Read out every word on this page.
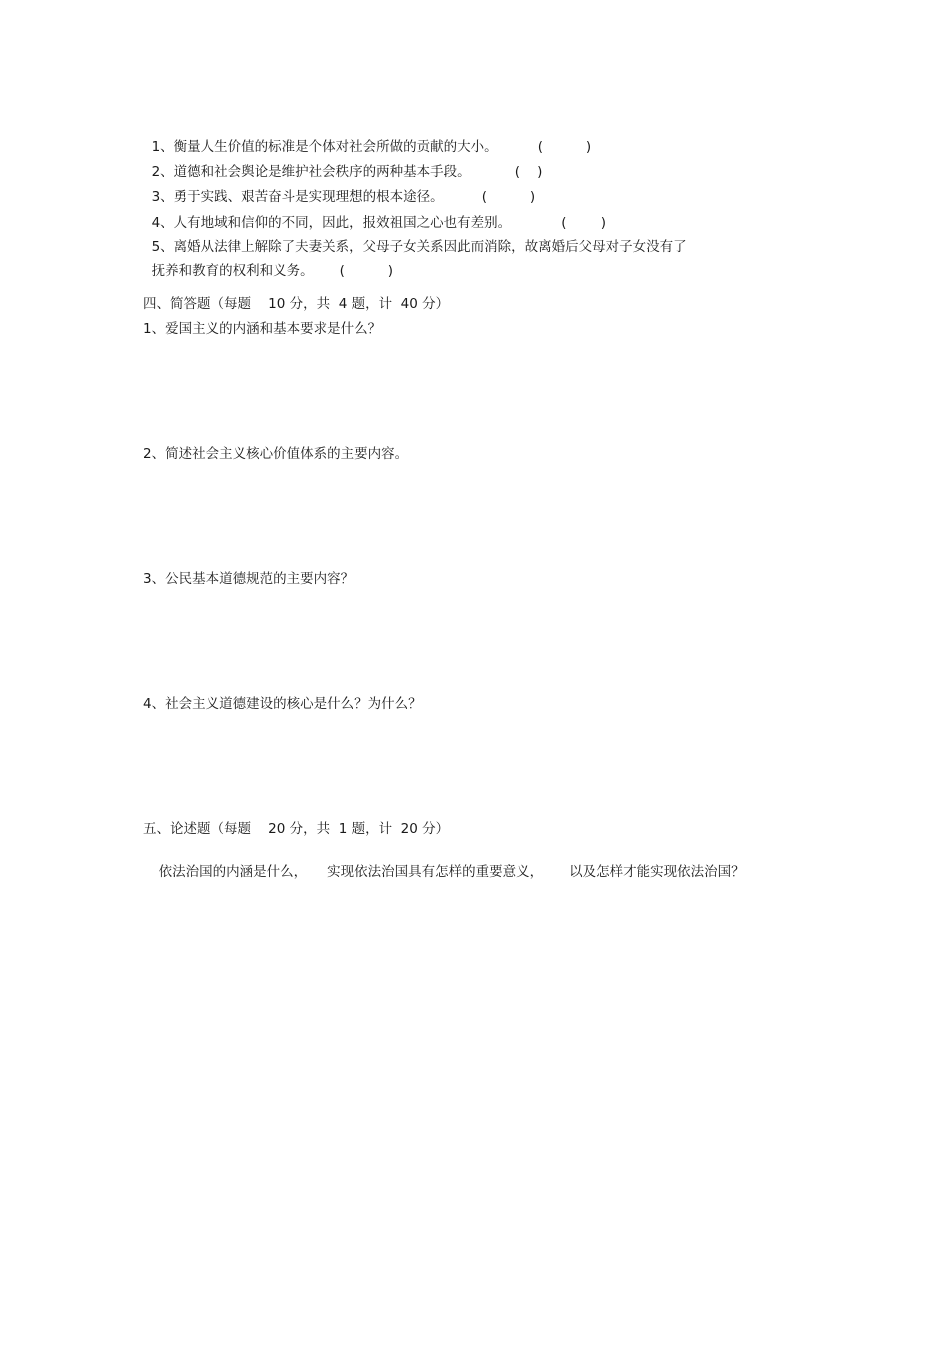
1、衡量人生价值的标准是个体对社会所做的贡献的大小。	(          )

2、道德和社会舆论是维护社会秩序的两种基本手段。	(    )

3、勇于实践、艰苦奋斗是实现理想的根本途径。	(          )

4、人有地域和信仰的不同，因此，报效祖国之心也有差别。	(        )

5、离婚从法律上解除了夫妻关系，父母子女关系因此而消除，故离婚后父母对子女没有了

抚养和教育的权利和义务。 (          )

四、简答题（每题    10 分，共  4 题，计  40 分）
1、爱国主义的内涵和基本要求是什么？
2、简述社会主义核心价值体系的主要内容。
3、公民基本道德规范的主要内容？
4、社会主义道德建设的核心是什么？为什么？
五、论述题（每题    20 分，共  1 题，计  20 分）

依法治国的内涵是什么， 实现依法治国具有怎样的重要意义， 以及怎样才能实现依法治国？
